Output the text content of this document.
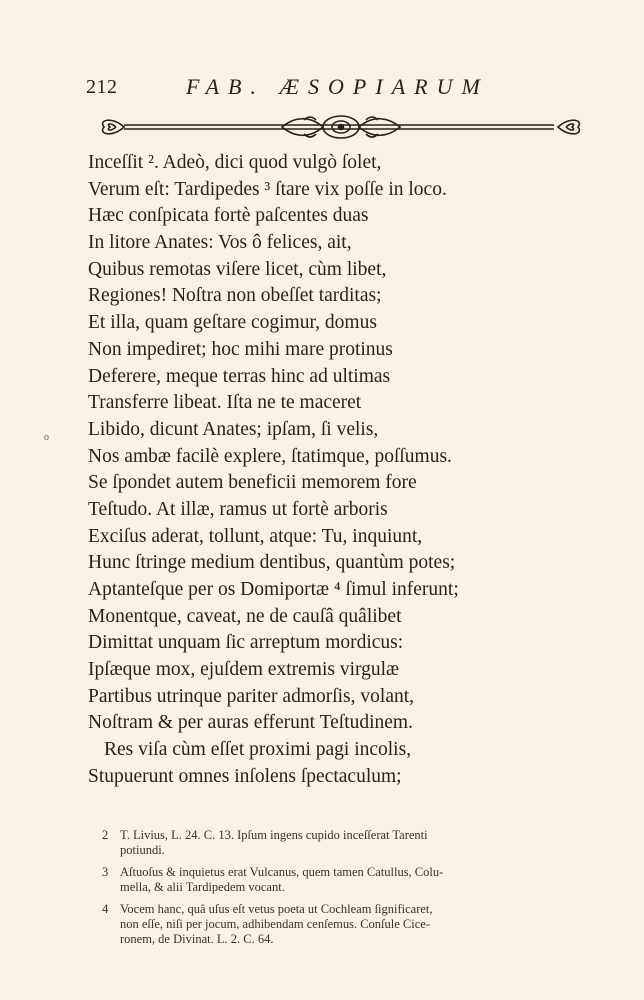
212	FAB. ÆSOPIARUM
Inceſſit ². Adeò, dici quod vulgò ſolet,
Verum eſt: Tardipedes ³ ſtare vix poſſe in loco.
Hæc conſpicata fortè paſcentes duas
In litore Anates: Vos ô felices, ait,
Quibus remotas viſere licet, cùm libet,
Regiones! Noſtra non obeſſet tarditas;
Et illa, quam geſtare cogimur, domus
Non impediret; hoc mihi mare protinus
Deferere, meque terras hinc ad ultimas
Transferre libeat. Iſta ne te maceret
Libido, dicunt Anates; ipſam, ſi velis,
Nos ambæ facilè explere, ſtatimque, poſſumus.
Se ſpondet autem beneficii memorem fore
Teſtudo. At illæ, ramus ut fortè arboris
Exciſus aderat, tollunt, atque: Tu, inquiunt,
Hunc ſtringe medium dentibus, quantùm potes;
Aptanteſque per os Domiportæ ⁴ ſimul inferunt;
Monentque, caveat, ne de cauſâ quâlibet
Dimittat unquam ſic arreptum mordicus:
Ipſæque mox, ejuſdem extremis virgulæ
Partibus utrinque pariter admorſis, volant,
Noſtram & per auras efferunt Teſtudinem.
Res viſa cùm eſſet proximi pagi incolis,
Stupuerunt omnes inſolens ſpectaculum;
o
2 T. Livius, L. 24. C. 13. Ipſum ingens cupido inceſſerat Tarenti
potiundi.
3 Aſtuoſus & inquietus erat Vulcanus, quem tamen Catullus, Colu-
mella, & alii Tardipedem vocant.
4 Vocem hanc, quâ uſus eſt vetus poeta ut Cochleam ſignificaret,
non eſſe, niſi per jocum, adhibendam cenſemus. Conſule Cice-
ronem, de Divinat. L. 2. C. 64.
